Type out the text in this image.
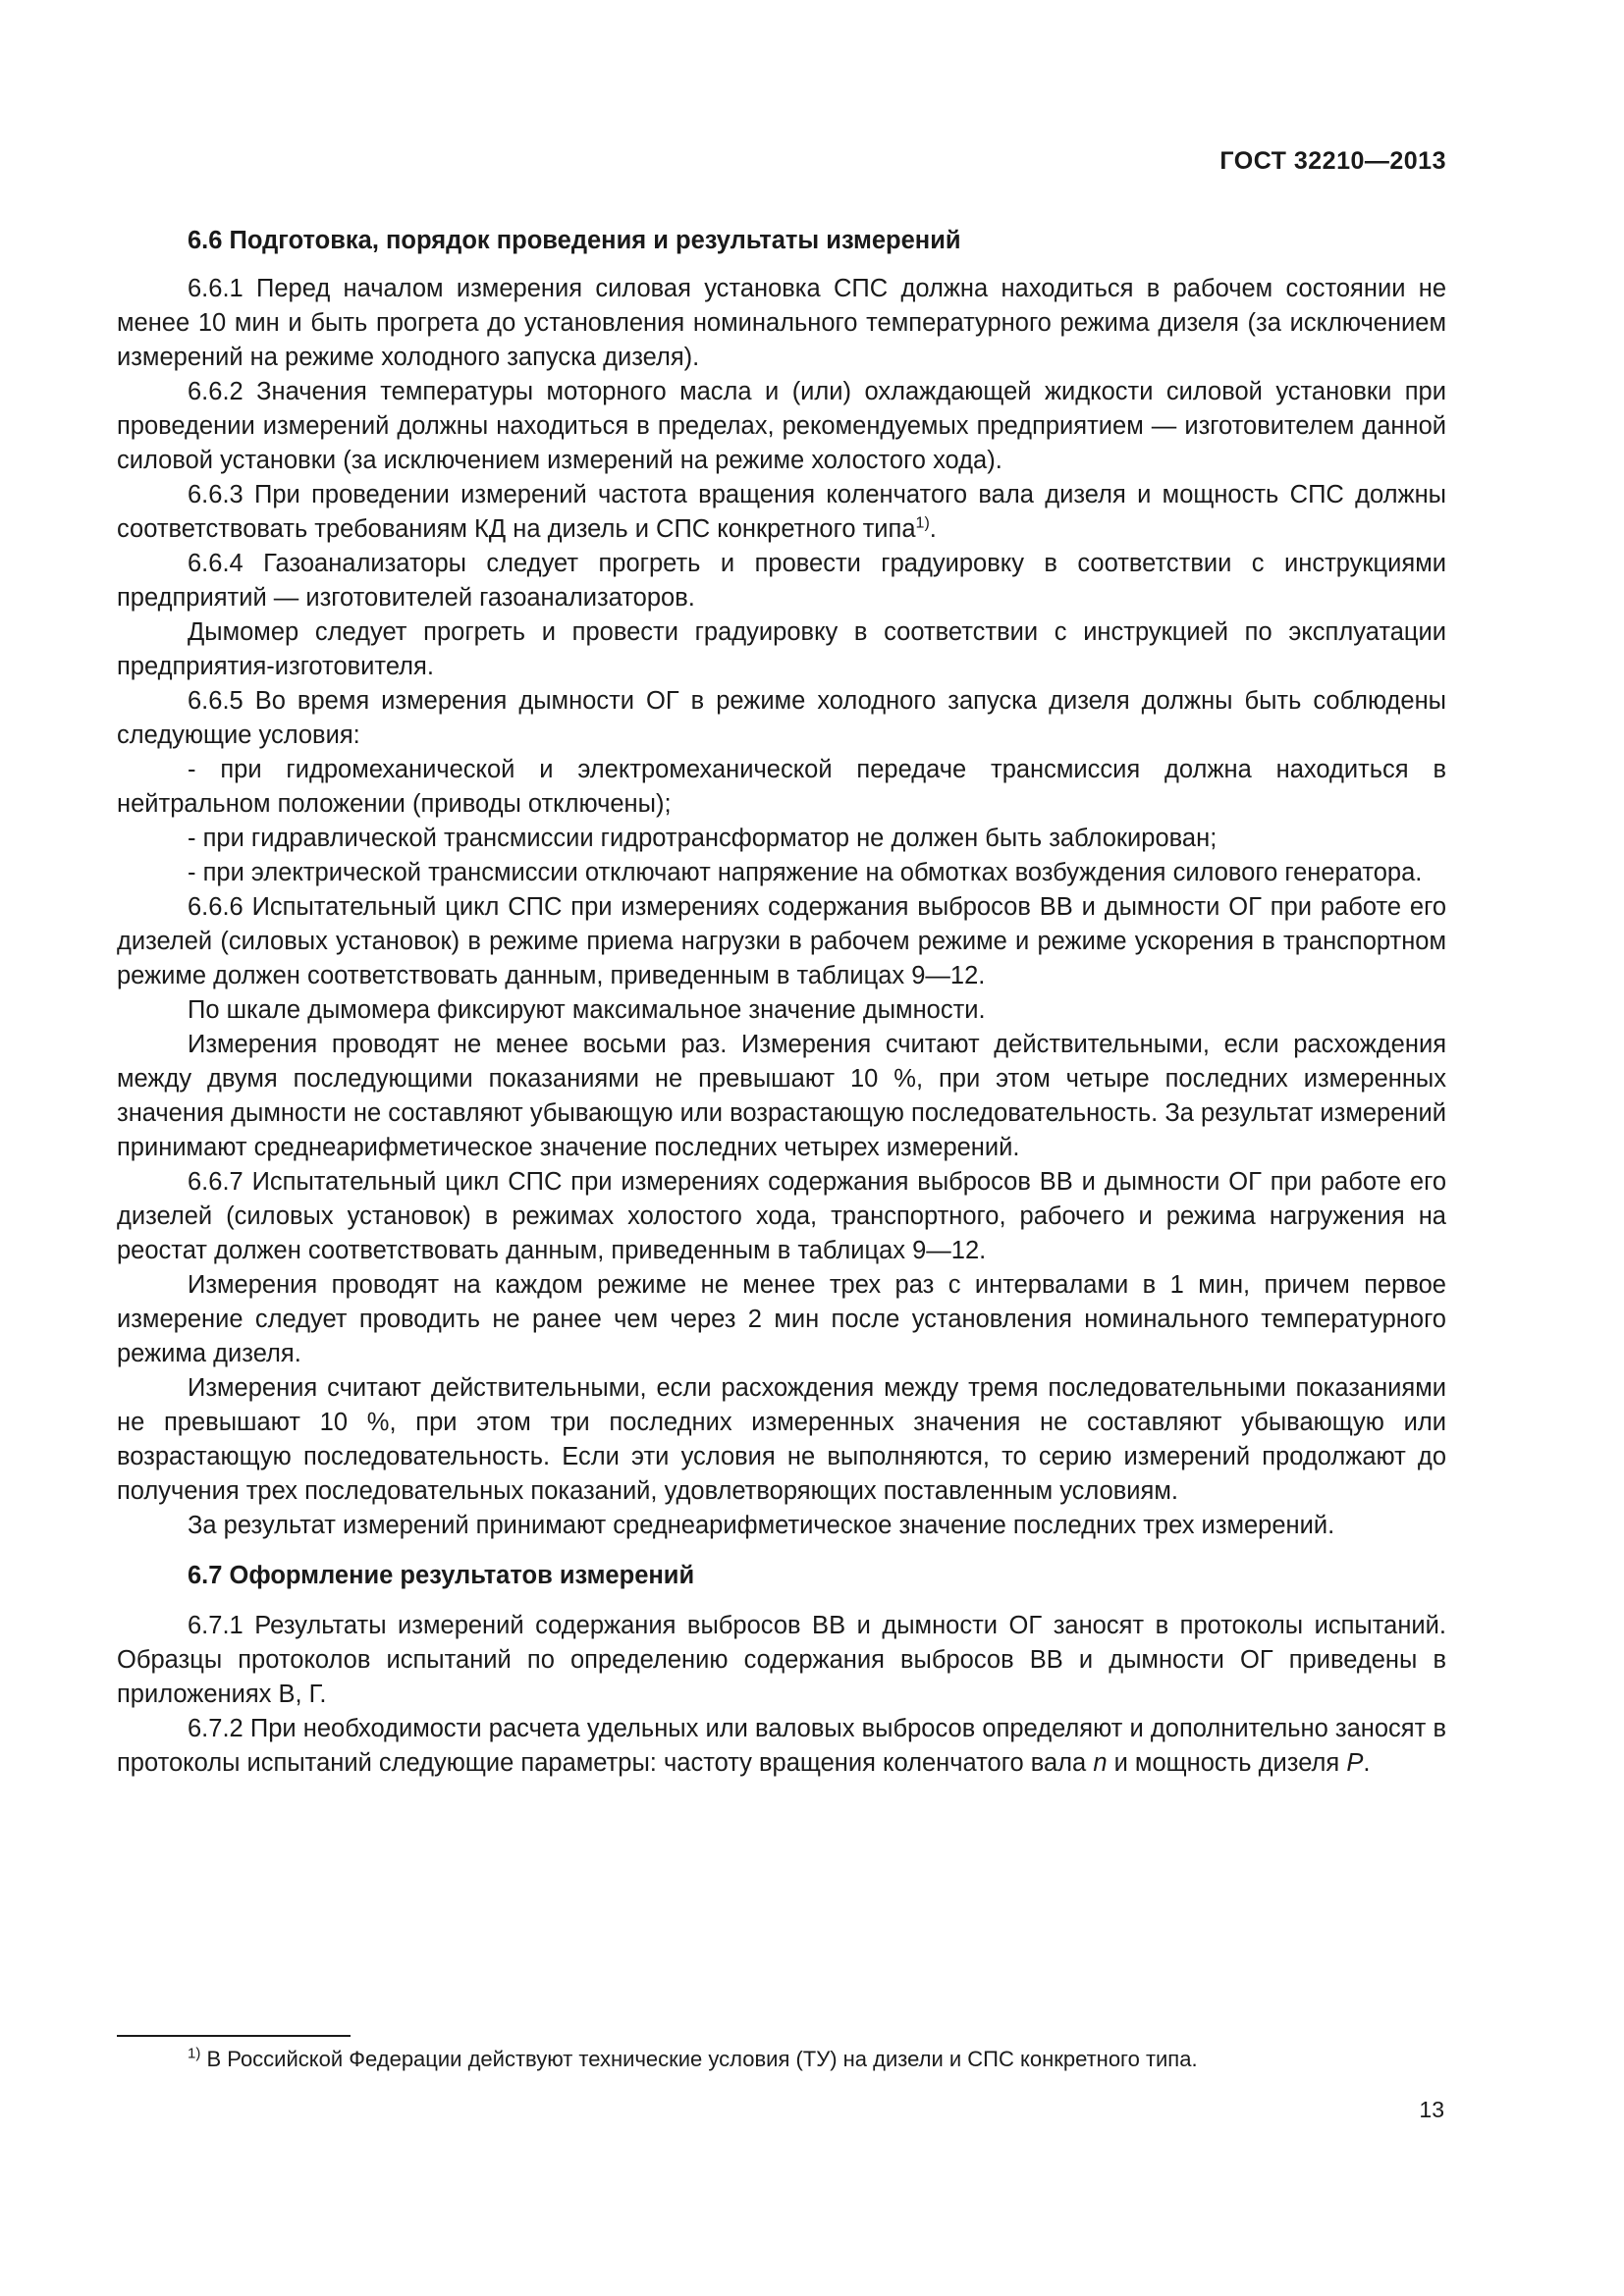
ГОСТ 32210—2013
6.6 Подготовка, порядок проведения и результаты измерений

6.6.1 Перед началом измерения силовая установка СПС должна находиться в рабочем состоянии не менее 10 мин и быть прогрета до установления номинального температурного режима дизеля (за исключением измерений на режиме холодного запуска дизеля).

6.6.2 Значения температуры моторного масла и (или) охлаждающей жидкости силовой установки при проведении измерений должны находиться в пределах, рекомендуемых предприятием — изготовителем данной силовой установки (за исключением измерений на режиме холостого хода).

6.6.3 При проведении измерений частота вращения коленчатого вала дизеля и мощность СПС должны соответствовать требованиям КД на дизель и СПС конкретного типа$^{1)}$.

6.6.4 Газоанализаторы следует прогреть и провести градуировку в соответствии с инструкциями предприятий — изготовителей газоанализаторов.

Дымомер следует прогреть и провести градуировку в соответствии с инструкцией по эксплуатации предприятия-изготовителя.

6.6.5 Во время измерения дымности ОГ в режиме холодного запуска дизеля должны быть соблюдены следующие условия:

- при гидромеханической и электромеханической передаче трансмиссия должна находиться в нейтральном положении (приводы отключены);

- при гидравлической трансмиссии гидротрансформатор не должен быть заблокирован;

- при электрической трансмиссии отключают напряжение на обмотках возбуждения силового генератора.

6.6.6 Испытательный цикл СПС при измерениях содержания выбросов ВВ и дымности ОГ при работе его дизелей (силовых установок) в режиме приема нагрузки в рабочем режиме и режиме ускорения в транспортном режиме должен соответствовать данным, приведенным в таблицах 9—12.

По шкале дымомера фиксируют максимальное значение дымности.

Измерения проводят не менее восьми раз. Измерения считают действительными, если расхождения между двумя последующими показаниями не превышают 10 %, при этом четыре последних измеренных значения дымности не составляют убывающую или возрастающую последовательность. За результат измерений принимают среднеарифметическое значение последних четырех измерений.

6.6.7 Испытательный цикл СПС при измерениях содержания выбросов ВВ и дымности ОГ при работе его дизелей (силовых установок) в режимах холостого хода, транспортного, рабочего и режима нагружения на реостат должен соответствовать данным, приведенным в таблицах 9—12.

Измерения проводят на каждом режиме не менее трех раз с интервалами в 1 мин, причем первое измерение следует проводить не ранее чем через 2 мин после установления номинального температурного режима дизеля.

Измерения считают действительными, если расхождения между тремя последовательными показаниями не превышают 10 %, при этом три последних измеренных значения не составляют убывающую или возрастающую последовательность. Если эти условия не выполняются, то серию измерений продолжают до получения трех последовательных показаний, удовлетворяющих поставленным условиям.

За результат измерений принимают среднеарифметическое значение последних трех измерений.

6.7 Оформление результатов измерений

6.7.1 Результаты измерений содержания выбросов ВВ и дымности ОГ заносят в протоколы испытаний. Образцы протоколов испытаний по определению содержания выбросов ВВ и дымности ОГ приведены в приложениях В, Г.

6.7.2 При необходимости расчета удельных или валовых выбросов определяют и дополнительно заносят в протоколы испытаний следующие параметры: частоту вращения коленчатого вала n и мощность дизеля P.

$^{1)}$ В Российской Федерации действуют технические условия (ТУ) на дизели и СПС конкретного типа.
13
